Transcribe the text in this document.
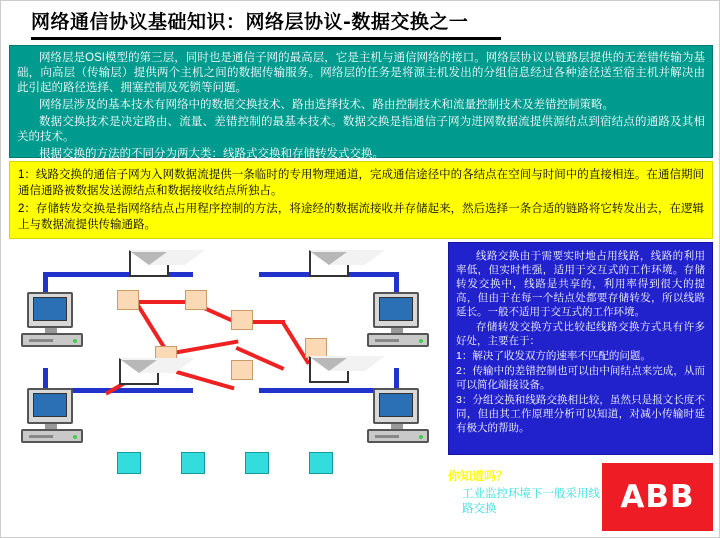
网络通信协议基础知识：网络层协议-数据交换之一

网络层是OSI模型的第三层，同时也是通信子网的最高层，它是主机与通信网络的接口。网络层协议以链路层提供的无差错传输为基础，向高层（传输层）提供两个主机之间的数据传输服务。网络层的任务是将源主机发出的分组信息经过各种途径送至宿主机并解决由此引起的路径选择、拥塞控制及死锁等问题。

网络层涉及的基本技术有网络中的数据交换技术、路由选择技术、路由控制技术和流量控制技术及差错控制策略。

数据交换技术是决定路由、流量、差错控制的最基本技术。数据交换是指通信子网为进网数据流提供源结点到宿结点的通路及其相关的技术。

根据交换的方法的不同分为两大类：线路式交换和存储转发式交换。

1：线路交换的通信子网为入网数据流提供一条临时的专用物理通道，完成通信途径中的各结点在空间与时间中的直接相连。在通信期间通信通路被数据发送源结点和数据接收结点所独占。

2：存储转发交换是指网络结点占用程序控制的方法，将途经的数据流接收并存储起来，然后选择一条合适的链路将它转发出去，在逻辑上与数据流提供传输通路。

线路交换由于需要实时地占用线路，线路的利用率低，但实时性强，适用于交互式的工作环境。存储转发交换中，线路是共享的，利用率得到很大的提高，但由于在每一个结点处都要存储转发，所以线路延长。一般不适用于交互式的工作环境。

存储转发交换方式比较起线路交换方式具有许多好处，主要在于：

1：解决了收发双方的速率不匹配的问题。

2：传输中的差错控制也可以由中间结点来完成，从而可以简化端接设备。

3：分组交换和线路交换相比较，虽然只是报文长度不同，但由其工作原理分析可以知道，对减小传输时延有极大的帮助。

你知道吗？

工业监控环境下一般采用线路交换	ABB
